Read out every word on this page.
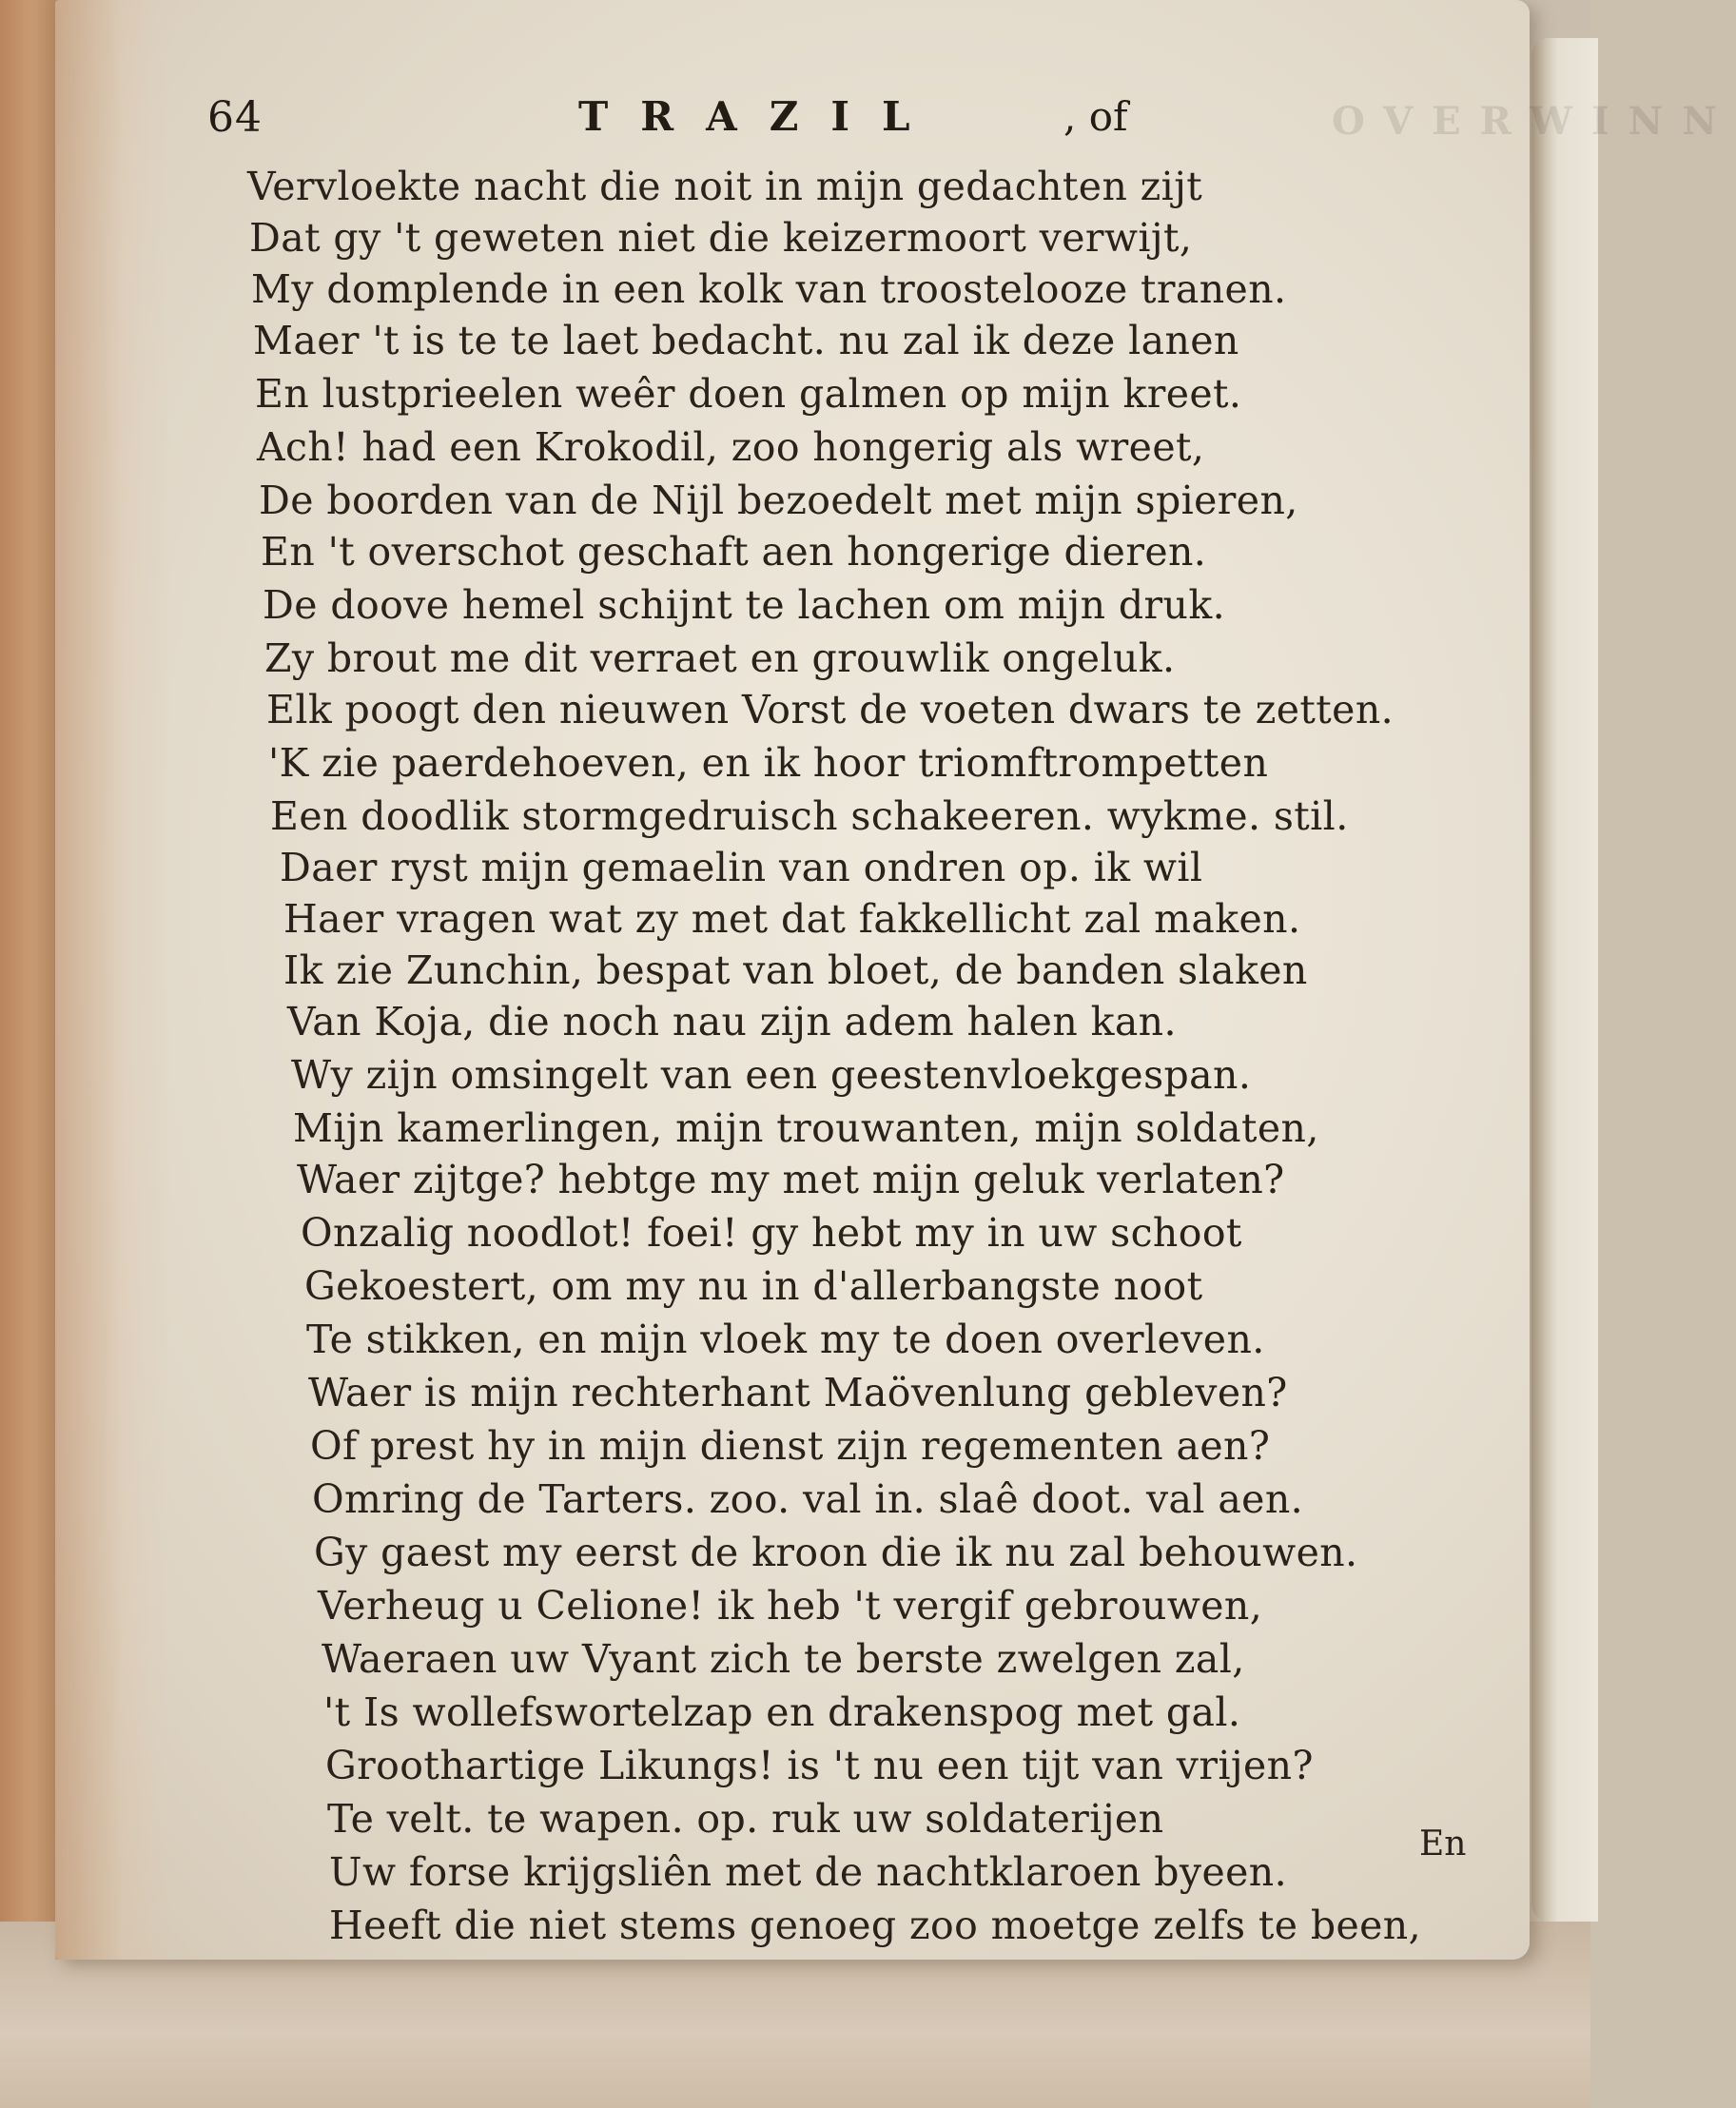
OVERWINN
64	TRAZIL	, of
Vervloekte nacht die noit in mijn gedachten zijt
Dat gy 't geweten niet die keizermoort verwijt,
My domplende in een kolk van troostelooze tranen.
Maer 't is te te laet bedacht. nu zal ik deze lanen
En lustprieelen weêr doen galmen op mijn kreet.
Ach! had een Krokodil, zoo hongerig als wreet,
De boorden van de Nijl bezoedelt met mijn spieren,
En 't overschot geschaft aen hongerige dieren.
De doove hemel schijnt te lachen om mijn druk.
Zy brout me dit verraet en grouwlik ongeluk.
Elk poogt den nieuwen Vorst de voeten dwars te zetten.
'K zie paerdehoeven, en ik hoor triomftrompetten
Een doodlik stormgedruisch schakeeren. wykme. stil.
Daer ryst mijn gemaelin van ondren op. ik wil
Haer vragen wat zy met dat fakkellicht zal maken.
Ik zie Zunchin, bespat van bloet, de banden slaken
Van Koja, die noch nau zijn adem halen kan.
Wy zijn omsingelt van een geestenvloekgespan.
Mijn kamerlingen, mijn trouwanten, mijn soldaten,
Waer zijtge? hebtge my met mijn geluk verlaten?
Onzalig noodlot! foei! gy hebt my in uw schoot
Gekoestert, om my nu in d'allerbangste noot
Te stikken, en mijn vloek my te doen overleven.
Waer is mijn rechterhant Maövenlung gebleven?
Of prest hy in mijn dienst zijn regementen aen?
Omring de Tarters. zoo. val in. slaê doot. val aen.
Gy gaest my eerst de kroon die ik nu zal behouwen.
Verheug u Celione! ik heb 't vergif gebrouwen,
Waeraen uw Vyant zich te berste zwelgen zal,
't Is wollefswortelzap en drakenspog met gal.
Groothartige Likungs! is 't nu een tijt van vrijen?
Te velt. te wapen. op. ruk uw soldaterijen
Uw forse krijgsliên met de nachtklaroen byeen.
Heeft die niet stems genoeg zoo moetge zelfs te been,
En
